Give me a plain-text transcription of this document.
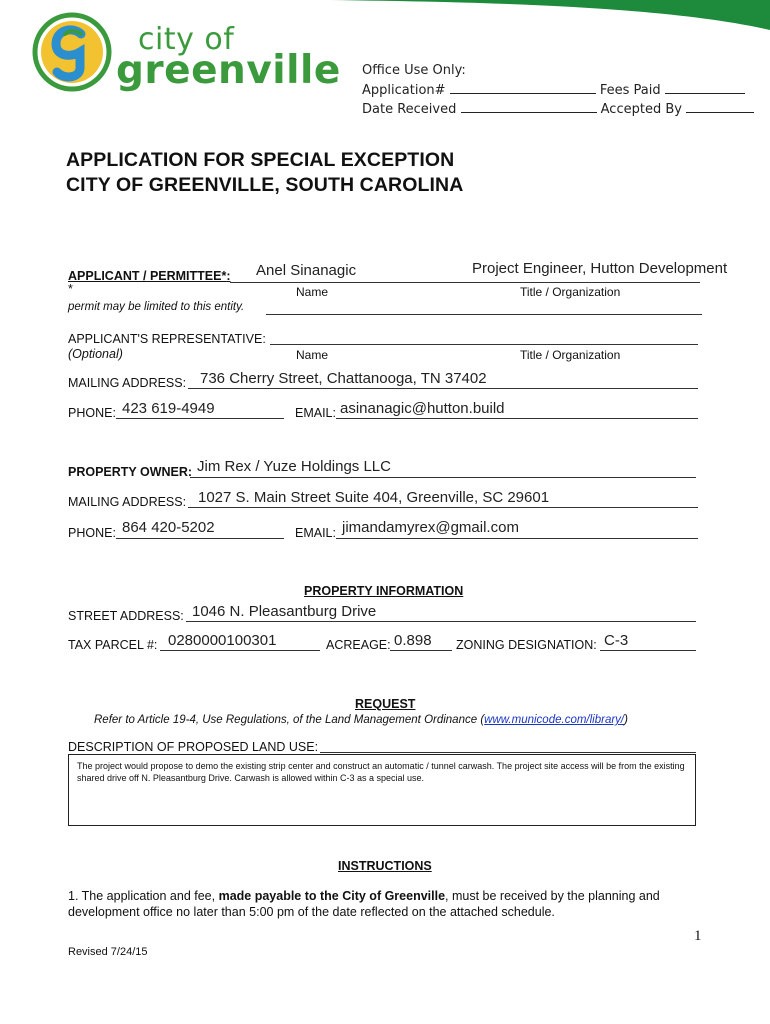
city of
greenville Office Use Only:
Application#	Fees Paid
Date Received	Accepted By
APPLICATION FOR SPECIAL EXCEPTION
CITY OF GREENVILLE, SOUTH CAROLINA
APPLICANT / PERMITTEE*: Anel Sinanagic	Project Engineer, Hutton Development
*	Name	Title / Organization
permit may be limited to this entity.
APPLICANT'S REPRESENTATIVE:
(Optional)	Name	Title / Organization
MAILING ADDRESS: 736 Cherry Street, Chattanooga, TN 37402
PHONE: 423 619-4949	EMAIL: asinanagic@hutton.build
PROPERTY OWNER: Jim Rex / Yuze Holdings LLC
MAILING ADDRESS: 1027 S. Main Street Suite 404, Greenville, SC 29601
PHONE: 864 420-5202	EMAIL: jimandamyrex@gmail.com
PROPERTY INFORMATION
STREET ADDRESS: 1046 N. Pleasantburg Drive
TAX PARCEL #: 0280000100301	ACREAGE: 0.898 ZONING DESIGNATION: C-3
REQUEST
Refer to Article 19-4, Use Regulations, of the Land Management Ordinance (www.municode.com/library/)
DESCRIPTION OF PROPOSED LAND USE:
The project would propose to demo the existing strip center and construct an automatic / tunnel carwash. The project site access will be from the existing shared drive off N. Pleasantburg Drive. Carwash is allowed within C-3 as a special use.
INSTRUCTIONS
1. The application and fee, made payable to the City of Greenville, must be received by the planning and development office no later than 5:00 pm of the date reflected on the attached schedule.
1
Revised 7/24/15
